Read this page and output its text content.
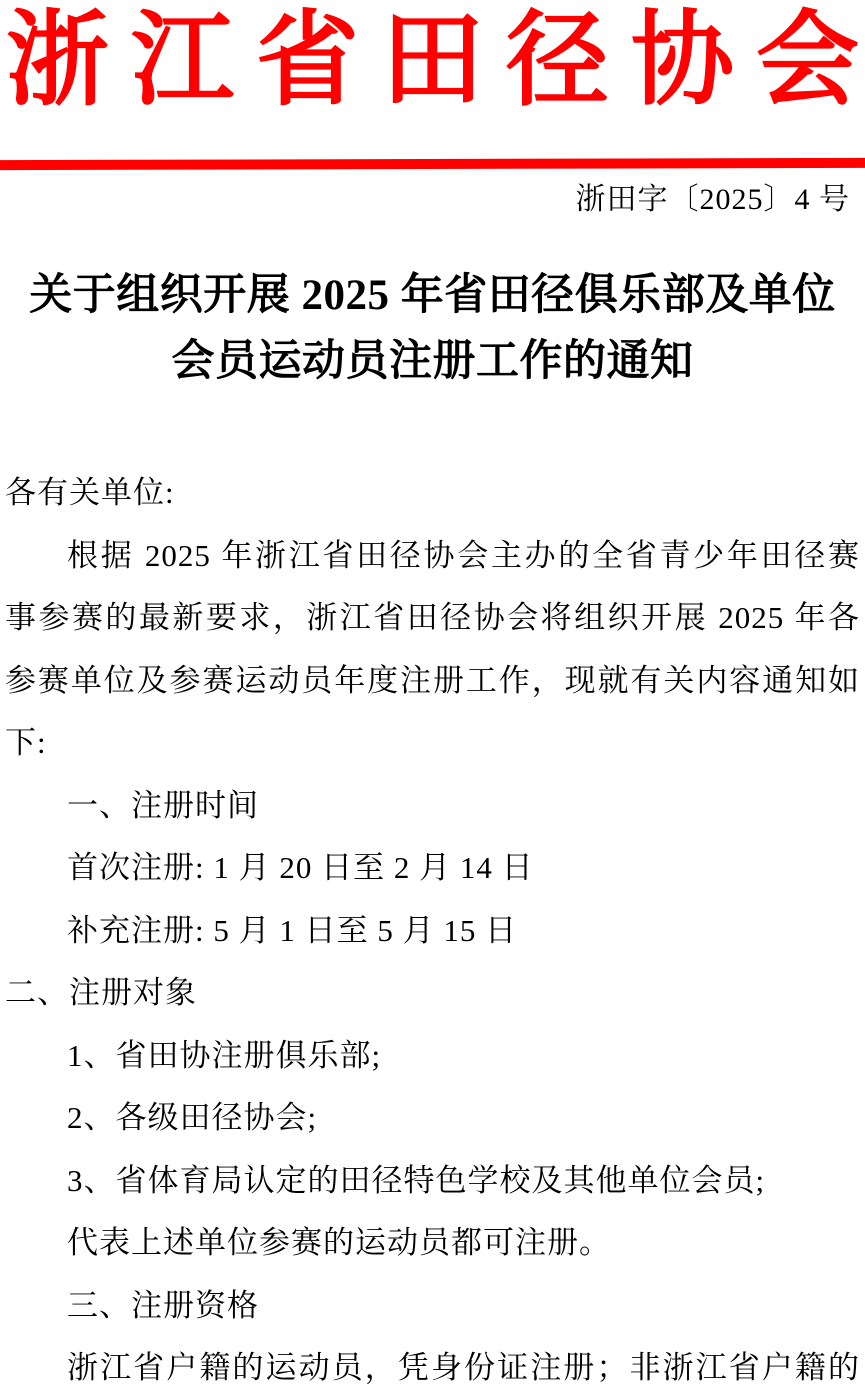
浙 江 省 田 径 协 会
浙田字〔2025〕4 号
关于组织开展 2025 年省田径俱乐部及单位
会员运动员注册工作的通知
各有关单位:
根据 2025 年浙江省田径协会主办的全省青少年田径赛
事参赛的最新要求，浙江省田径协会将组织开展 2025 年各
参赛单位及参赛运动员年度注册工作，现就有关内容通知如
下:
一、注册时间
首次注册: 1 月 20 日至 2 月 14 日
补充注册: 5 月 1 日至 5 月 15 日
二、注册对象
1、省田协注册俱乐部;
2、各级田径协会;
3、省体育局认定的田径特色学校及其他单位会员;
代表上述单位参赛的运动员都可注册。
三、注册资格
浙江省户籍的运动员，凭身份证注册；非浙江省户籍的
